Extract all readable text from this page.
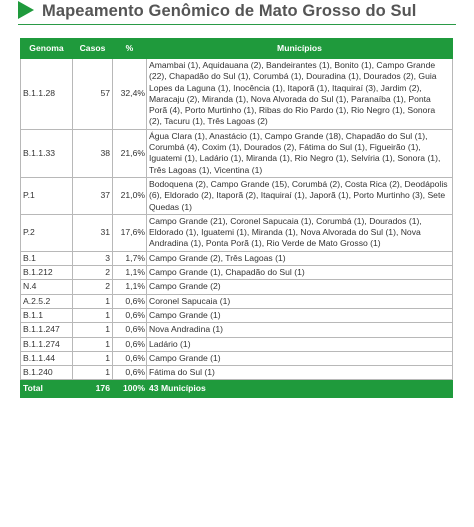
Mapeamento Genômico de Mato Grosso do Sul
Genoma	Casos	%	Municípios
B.1.1.28	57	32,4%	Amambai (1), Aquidauana (2), Bandeirantes (1), Bonito (1), Campo Grande (22), Chapadão do Sul (1), Corumbá (1), Douradina (1), Dourados (2), Guia Lopes da Laguna (1), Inocência (1), Itaporã (1), Itaquiraí (3), Jardim (2), Maracaju (2), Miranda (1), Nova Alvorada do Sul (1), Paranaíba (1), Ponta Porã (4), Porto Murtinho (1), Ribas do Rio Pardo (1), Rio Negro (1), Sonora (2), Tacuru (1), Três Lagoas (2)
B.1.1.33	38	21,6%	Água Clara (1), Anastácio (1), Campo Grande (18), Chapadão do Sul (1), Corumbá (4), Coxim (1), Dourados (2), Fátima do Sul (1), Figueirão (1), Iguatemi (1), Ladário (1), Miranda (1), Rio Negro (1), Selvíria (1), Sonora (1), Três Lagoas (1), Vicentina (1)
P.1	37	21,0%	Bodoquena (2), Campo Grande (15), Corumbá (2), Costa Rica (2), Deodápolis (6), Eldorado (2), Itaporã (2), Itaquiraí (1), Japorã (1), Porto Murtinho (3), Sete Quedas (1)
P.2	31	17,6%	Campo Grande (21), Coronel Sapucaia (1), Corumbá (1), Dourados (1), Eldorado (1), Iguatemi (1), Miranda (1), Nova Alvorada do Sul (1), Nova Andradina (1), Ponta Porã (1), Rio Verde de Mato Grosso (1)
B.1	3	1,7%	Campo Grande (2), Três Lagoas (1)
B.1.212	2	1,1%	Campo Grande (1), Chapadão do Sul (1)
N.4	2	1,1%	Campo Grande (2)
A.2.5.2	1	0,6%	Coronel Sapucaia (1)
B.1.1	1	0,6%	Campo Grande (1)
B.1.1.247	1	0,6%	Nova Andradina (1)
B.1.1.274	1	0,6%	Ladário (1)
B.1.1.44	1	0,6%	Campo Grande (1)
B.1.240	1	0,6%	Fátima do Sul (1)
Total	176	100%	43 Municípios
